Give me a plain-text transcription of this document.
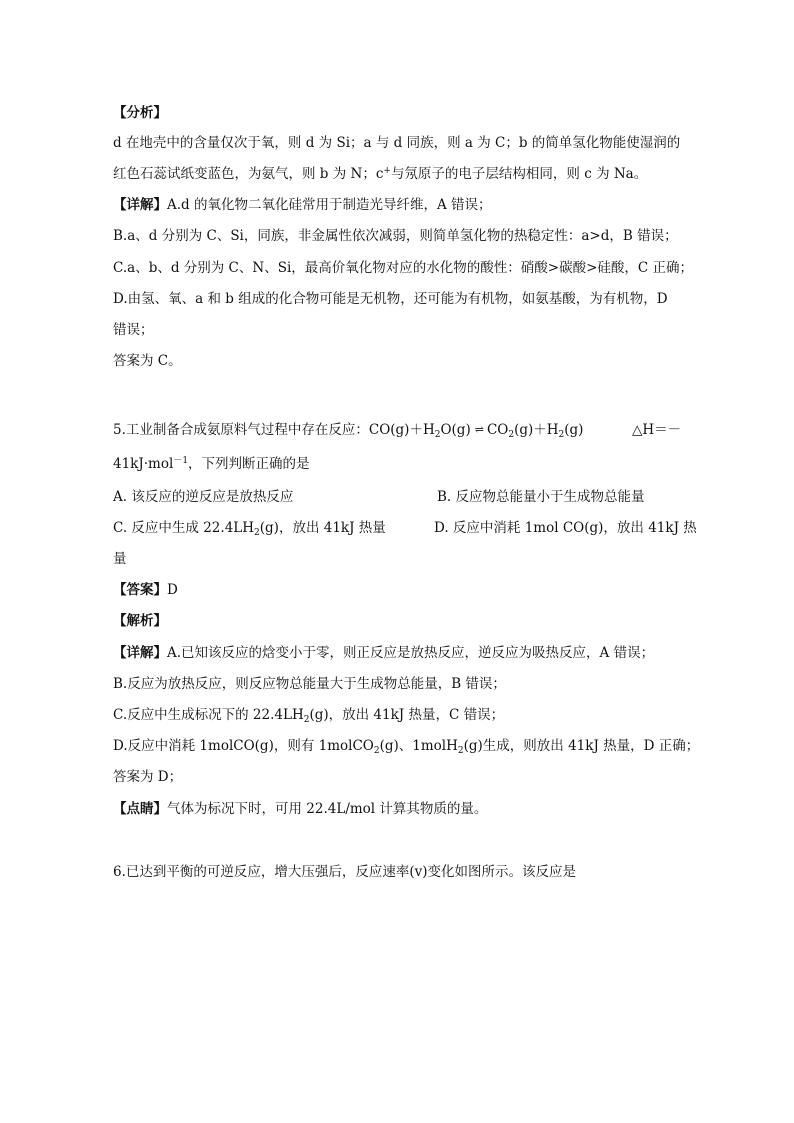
【分析】
d 在地壳中的含量仅次于氧，则 d 为 Si；a 与 d 同族，则 a 为 C；b 的简单氢化物能使湿润的
红色石蕊试纸变蓝色，为氨气，则 b 为 N；c+与氖原子的电子层结构相同，则 c 为 Na。
【详解】A.d 的氧化物二氧化硅常用于制造光导纤维，A 错误；
B.a、d 分别为 C、Si，同族，非金属性依次减弱，则简单氢化物的热稳定性：a>d，B 错误；
C.a、b、d 分别为 C、N、Si，最高价氧化物对应的水化物的酸性：硝酸>碳酸>硅酸，C 正确；
D.由氢、氧、a 和 b 组成的化合物可能是无机物，还可能为有机物，如氨基酸，为有机物，D
错误；
答案为 C。
5.工业制备合成氨原料气过程中存在反应：$CO(g)+H_2O(g)$ ⇌ $CO_2(g)+H_2(g)$	△H＝－
41kJ·mol$^{-1}$，下列判断正确的是
A. 该反应的逆反应是放热反应	B. 反应物总能量小于生成物总能量
C. 反应中生成 $22.4LH_2(g)$，放出 41kJ 热量	D. 反应中消耗 1mol CO(g)，放出 41kJ 热
量
【答案】D
【解析】
【详解】A.已知该反应的焓变小于零，则正反应是放热反应，逆反应为吸热反应，A 错误；
B.反应为放热反应，则反应物总能量大于生成物总能量，B 错误；
C.反应中生成标况下的 $22.4LH_2(g)$，放出 41kJ 热量，C 错误；
D.反应中消耗 1molCO(g)，则有 1molCO$_2$(g)、1molH$_2$(g)生成，则放出 41kJ 热量，D 正确；
答案为 D；
【点睛】气体为标况下时，可用 22.4L/mol 计算其物质的量。
6.已达到平衡的可逆反应，增大压强后，反应速率(v)变化如图所示。该反应是
